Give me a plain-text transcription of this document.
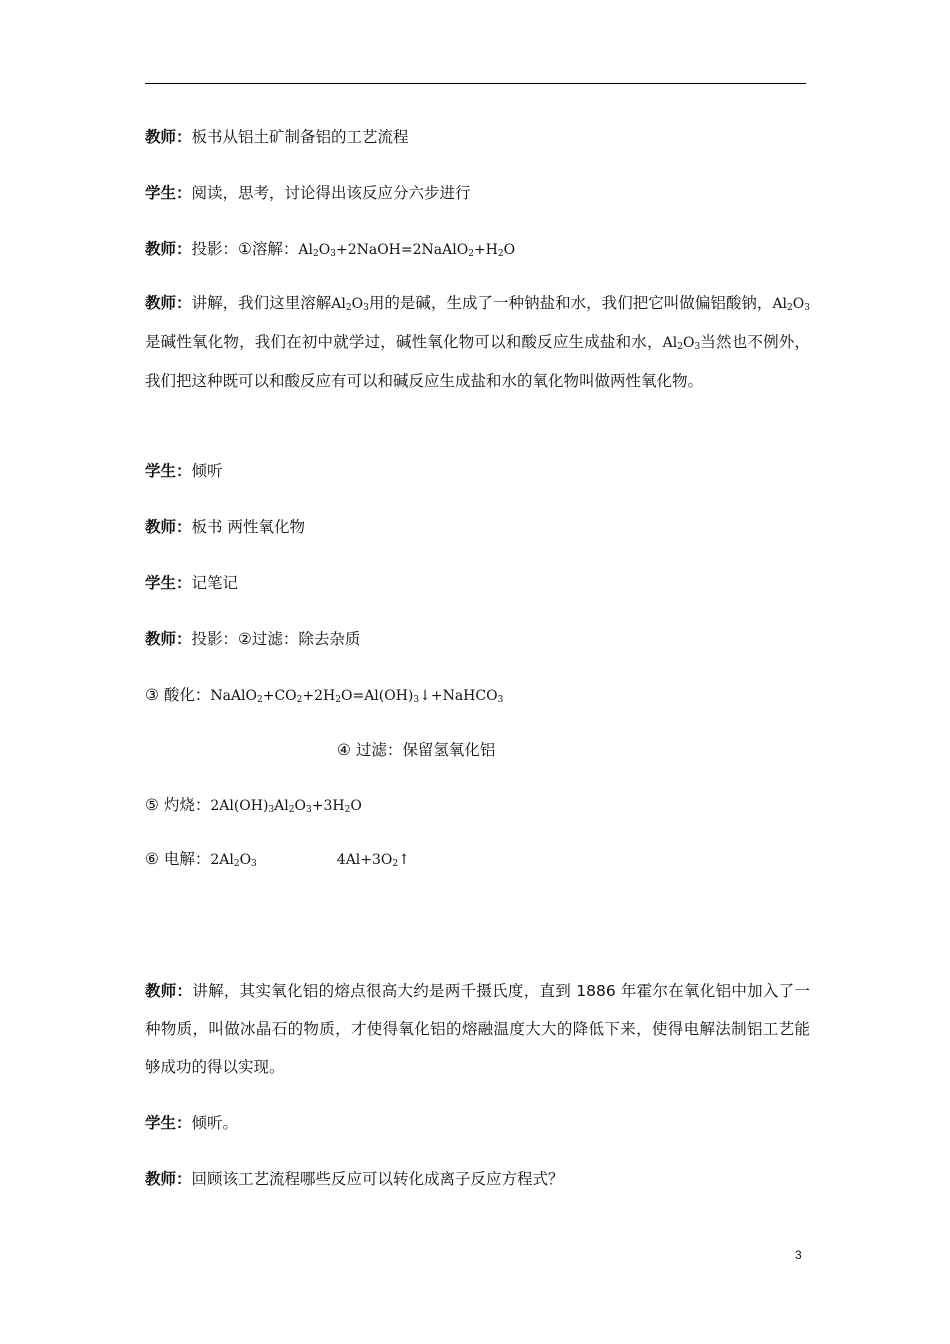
教师：板书从铝土矿制备铝的工艺流程
学生：阅读，思考，讨论得出该反应分六步进行
教师：投影：①溶解：$Al_2O_3+2NaOH=2NaAlO_2+H_2O$
教师：讲解，我们这里溶解$Al_2O_3$用的是碱，生成了一种钠盐和水，我们把它叫做偏铝酸钠，$Al_2O_3$是碱性氧化物，我们在初中就学过，碱性氧化物可以和酸反应生成盐和水，$Al_2O_3$当然也不例外，我们把这种既可以和酸反应有可以和碱反应生成盐和水的氧化物叫做两性氧化物。
学生：倾听
教师：板书 两性氧化物
学生：记笔记
教师：投影：②过滤：除去杂质
③ 酸化：$NaAlO_2+CO_2+2H_2O=Al(OH)_3↓+NaHCO_3$
④ 过滤：保留氢氧化铝
⑤ 灼烧：$2Al(OH)_3Al_2O_3+3H_2O$
⑥ 电解：$2Al_2O_3$	$4Al+3O_2↑$
教师：讲解，其实氧化铝的熔点很高大约是两千摄氏度，直到 1886 年霍尔在氧化铝中加入了一种物质，叫做冰晶石的物质，才使得氧化铝的熔融温度大大的降低下来，使得电解法制铝工艺能够成功的得以实现。
学生：倾听。
教师：回顾该工艺流程哪些反应可以转化成离子反应方程式？
3
